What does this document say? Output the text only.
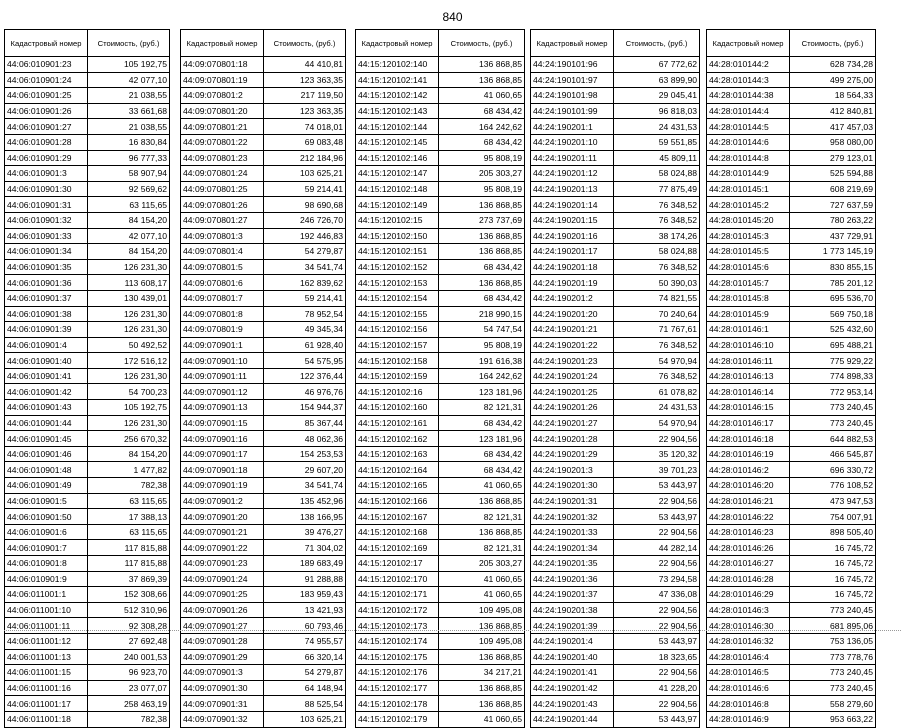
840
Кадастровый номер	Стоимость, (руб.)
44:06:010901:23	105 192,75
44:06:010901:24	42 077,10
44:06:010901:25	21 038,55
44:06:010901:26	33 661,68
44:06:010901:27	21 038,55
44:06:010901:28	16 830,84
44:06:010901:29	96 777,33
44:06:010901:3	58 907,94
44:06:010901:30	92 569,62
44:06:010901:31	63 115,65
44:06:010901:32	84 154,20
44:06:010901:33	42 077,10
44:06:010901:34	84 154,20
44:06:010901:35	126 231,30
44:06:010901:36	113 608,17
44:06:010901:37	130 439,01
44:06:010901:38	126 231,30
44:06:010901:39	126 231,30
44:06:010901:4	50 492,52
44:06:010901:40	172 516,12
44:06:010901:41	126 231,30
44:06:010901:42	54 700,23
44:06:010901:43	105 192,75
44:06:010901:44	126 231,30
44:06:010901:45	256 670,32
44:06:010901:46	84 154,20
44:06:010901:48	1 477,82
44:06:010901:49	782,38
44:06:010901:5	63 115,65
44:06:010901:50	17 388,13
44:06:010901:6	63 115,65
44:06:010901:7	117 815,88
44:06:010901:8	117 815,88
44:06:010901:9	37 869,39
44:06:011001:1	152 308,66
44:06:011001:10	512 310,96
44:06:011001:11	92 308,28
44:06:011001:12	27 692,48
44:06:011001:13	240 001,53
44:06:011001:15	96 923,70
44:06:011001:16	23 077,07
44:06:011001:17	258 463,19
44:06:011001:18	782,38
Кадастровый номер	Стоимость, (руб.)
44:09:070801:18	44 410,81
44:09:070801:19	123 363,35
44:09:070801:2	217 119,50
44:09:070801:20	123 363,35
44:09:070801:21	74 018,01
44:09:070801:22	69 083,48
44:09:070801:23	212 184,96
44:09:070801:24	103 625,21
44:09:070801:25	59 214,41
44:09:070801:26	98 690,68
44:09:070801:27	246 726,70
44:09:070801:3	192 446,83
44:09:070801:4	54 279,87
44:09:070801:5	34 541,74
44:09:070801:6	162 839,62
44:09:070801:7	59 214,41
44:09:070801:8	78 952,54
44:09:070801:9	49 345,34
44:09:070901:1	61 928,40
44:09:070901:10	54 575,95
44:09:070901:11	122 376,44
44:09:070901:12	46 976,76
44:09:070901:13	154 944,37
44:09:070901:15	85 367,44
44:09:070901:16	48 062,36
44:09:070901:17	154 253,53
44:09:070901:18	29 607,20
44:09:070901:19	34 541,74
44:09:070901:2	135 452,96
44:09:070901:20	138 166,95
44:09:070901:21	39 476,27
44:09:070901:22	71 304,02
44:09:070901:23	189 683,49
44:09:070901:24	91 288,88
44:09:070901:25	183 959,43
44:09:070901:26	13 421,93
44:09:070901:27	60 793,46
44:09:070901:28	74 955,57
44:09:070901:29	66 320,14
44:09:070901:3	54 279,87
44:09:070901:30	64 148,94
44:09:070901:31	88 525,54
44:09:070901:32	103 625,21
Кадастровый номер	Стоимость, (руб.)
44:15:120102:140	136 868,85
44:15:120102:141	136 868,85
44:15:120102:142	41 060,65
44:15:120102:143	68 434,42
44:15:120102:144	164 242,62
44:15:120102:145	68 434,42
44:15:120102:146	95 808,19
44:15:120102:147	205 303,27
44:15:120102:148	95 808,19
44:15:120102:149	136 868,85
44:15:120102:15	273 737,69
44:15:120102:150	136 868,85
44:15:120102:151	136 868,85
44:15:120102:152	68 434,42
44:15:120102:153	136 868,85
44:15:120102:154	68 434,42
44:15:120102:155	218 990,15
44:15:120102:156	54 747,54
44:15:120102:157	95 808,19
44:15:120102:158	191 616,38
44:15:120102:159	164 242,62
44:15:120102:16	123 181,96
44:15:120102:160	82 121,31
44:15:120102:161	68 434,42
44:15:120102:162	123 181,96
44:15:120102:163	68 434,42
44:15:120102:164	68 434,42
44:15:120102:165	41 060,65
44:15:120102:166	136 868,85
44:15:120102:167	82 121,31
44:15:120102:168	136 868,85
44:15:120102:169	82 121,31
44:15:120102:17	205 303,27
44:15:120102:170	41 060,65
44:15:120102:171	41 060,65
44:15:120102:172	109 495,08
44:15:120102:173	136 868,85
44:15:120102:174	109 495,08
44:15:120102:175	136 868,85
44:15:120102:176	34 217,21
44:15:120102:177	136 868,85
44:15:120102:178	136 868,85
44:15:120102:179	41 060,65
Кадастровый номер	Стоимость, (руб.)
44:24:190101:96	67 772,62
44:24:190101:97	63 899,90
44:24:190101:98	29 045,41
44:24:190101:99	96 818,03
44:24:190201:1	24 431,53
44:24:190201:10	59 551,85
44:24:190201:11	45 809,11
44:24:190201:12	58 024,88
44:24:190201:13	77 875,49
44:24:190201:14	76 348,52
44:24:190201:15	76 348,52
44:24:190201:16	38 174,26
44:24:190201:17	58 024,88
44:24:190201:18	76 348,52
44:24:190201:19	50 390,03
44:24:190201:2	74 821,55
44:24:190201:20	70 240,64
44:24:190201:21	71 767,61
44:24:190201:22	76 348,52
44:24:190201:23	54 970,94
44:24:190201:24	76 348,52
44:24:190201:25	61 078,82
44:24:190201:26	24 431,53
44:24:190201:27	54 970,94
44:24:190201:28	22 904,56
44:24:190201:29	35 120,32
44:24:190201:3	39 701,23
44:24:190201:30	53 443,97
44:24:190201:31	22 904,56
44:24:190201:32	53 443,97
44:24:190201:33	22 904,56
44:24:190201:34	44 282,14
44:24:190201:35	22 904,56
44:24:190201:36	73 294,58
44:24:190201:37	47 336,08
44:24:190201:38	22 904,56
44:24:190201:39	22 904,56
44:24:190201:4	53 443,97
44:24:190201:40	18 323,65
44:24:190201:41	22 904,56
44:24:190201:42	41 228,20
44:24:190201:43	22 904,56
44:24:190201:44	53 443,97
Кадастровый номер	Стоимость, (руб.)
44:28:010144:2	628 734,28
44:28:010144:3	499 275,00
44:28:010144:38	18 564,33
44:28:010144:4	412 840,81
44:28:010144:5	417 457,03
44:28:010144:6	958 080,00
44:28:010144:8	279 123,01
44:28:010144:9	525 594,88
44:28:010145:1	608 219,69
44:28:010145:2	727 637,59
44:28:010145:20	780 263,22
44:28:010145:3	437 729,91
44:28:010145:5	1 773 145,19
44:28:010145:6	830 855,15
44:28:010145:7	785 201,12
44:28:010145:8	695 536,70
44:28:010145:9	569 750,18
44:28:010146:1	525 432,60
44:28:010146:10	695 488,21
44:28:010146:11	775 929,22
44:28:010146:13	774 898,33
44:28:010146:14	772 953,14
44:28:010146:15	773 240,45
44:28:010146:17	773 240,45
44:28:010146:18	644 882,53
44:28:010146:19	466 545,87
44:28:010146:2	696 330,72
44:28:010146:20	776 108,52
44:28:010146:21	473 947,53
44:28:010146:22	754 007,91
44:28:010146:23	898 505,40
44:28:010146:26	16 745,72
44:28:010146:27	16 745,72
44:28:010146:28	16 745,72
44:28:010146:29	16 745,72
44:28:010146:3	773 240,45
44:28:010146:30	681 895,06
44:28:010146:32	753 136,05
44:28:010146:4	773 778,76
44:28:010146:5	773 240,45
44:28:010146:6	773 240,45
44:28:010146:8	558 279,60
44:28:010146:9	953 663,22
